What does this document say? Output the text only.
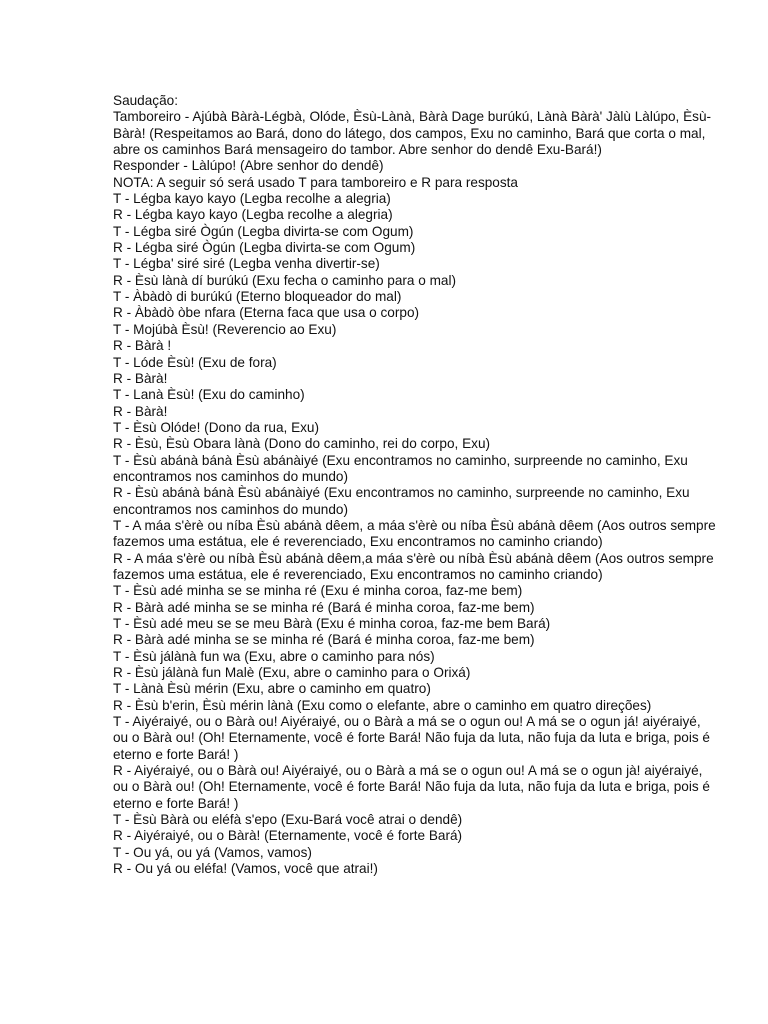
Saudação:

Tamboreiro - Ajúbà Bàrà-Légbà, Olóde, Èsù-Lànà, Bàrà Dage burúkú, Lànà Bàrà' Jàlù Làlúpo, Èsù-Bàrà! (Respeitamos ao Bará, dono do látego, dos campos, Exu no caminho, Bará que corta o mal, abre os caminhos Bará mensageiro do tambor. Abre senhor do dendê Exu-Bará!)

Responder - Làlúpo! (Abre senhor do dendê)

NOTA: A seguir só será usado T para tamboreiro e R para resposta

T - Légba kayo kayo (Legba recolhe a alegria)

R - Légba kayo kayo (Legba recolhe a alegria)

T - Légba siré Ògún (Legba divirta-se com Ogum)

R - Légba siré Ògún (Legba divirta-se com Ogum)

T - Légba' siré siré (Legba venha divertir-se)

R - Èsù lànà dí burúkú (Exu fecha o caminho para o mal)

T - Àbàdò di burúkú (Eterno bloqueador do mal)

R - Àbàdò òbe nfara (Eterna faca que usa o corpo)

T - Mojúbà Èsù! (Reverencio ao Exu)

R - Bàrà !

T - Lóde Èsù! (Exu de fora)

R - Bàrà!

T - Lanà Èsù! (Exu do caminho)

R - Bàrà!

T - Èsù Olóde! (Dono da rua, Exu)

R - Èsù, Èsù Obara lànà (Dono do caminho, rei do corpo, Exu)

T - Èsù abánà bánà Èsù abánàiyé (Exu encontramos no caminho, surpreende no caminho, Exu encontramos nos caminhos do mundo)

R - Èsù abánà bánà Èsù abánàiyé (Exu encontramos no caminho, surpreende no caminho, Exu encontramos nos caminhos do mundo)

T - A máa s'èrè ou níba Èsù abánà dêem, a máa s'èrè ou níba Èsù abánà dêem (Aos outros sempre fazemos uma estátua, ele é reverenciado, Exu encontramos no caminho criando)

R - A máa s'èrè ou níbà Èsù abánà dêem,a máa s'èrè ou níbà Èsù abánà dêem (Aos outros sempre fazemos uma estátua, ele é reverenciado, Exu encontramos no caminho criando)

T - Èsù adé minha se se minha ré (Exu é minha coroa, faz-me bem)

R - Bàrà adé minha se se minha ré (Bará é minha coroa, faz-me bem)

T - Èsù adé meu se se meu Bàrà (Exu é minha coroa, faz-me bem Bará)

R - Bàrà adé minha se se minha ré (Bará é minha coroa, faz-me bem)

T - Èsù jálànà fun wa (Exu, abre o caminho para nós)

R - Èsù jálànà fun Malè (Exu, abre o caminho para o Orixá)

T - Lànà Èsù mérin (Exu, abre o caminho em quatro)

R - Èsù b'erin, Èsù mérin lànà (Exu como o elefante, abre o caminho em quatro direções)

T - Aiyéraiyé, ou o Bàrà ou! Aiyéraiyé, ou o Bàrà a má se o ogun ou! A má se o ogun já! aiyéraiyé, ou o Bàrà ou! (Oh! Eternamente, você é forte Bará! Não fuja da luta, não fuja da luta e briga, pois é eterno e forte Bará! )

R - Aiyéraiyé, ou o Bàrà ou! Aiyéraiyé, ou o Bàrà a má se o ogun ou! A má se o ogun jà! aiyéraiyé, ou o Bàrà ou! (Oh! Eternamente, você é forte Bará! Não fuja da luta, não fuja da luta e briga, pois é eterno e forte Bará! )

T - Èsù Bàrà ou eléfà s'epo (Exu-Bará você atrai o dendê)

R - Aiyéraiyé, ou o Bàrà! (Eternamente, você é forte Bará)

T - Ou yá, ou yá (Vamos, vamos)

R - Ou yá ou eléfa! (Vamos, você que atrai!)
